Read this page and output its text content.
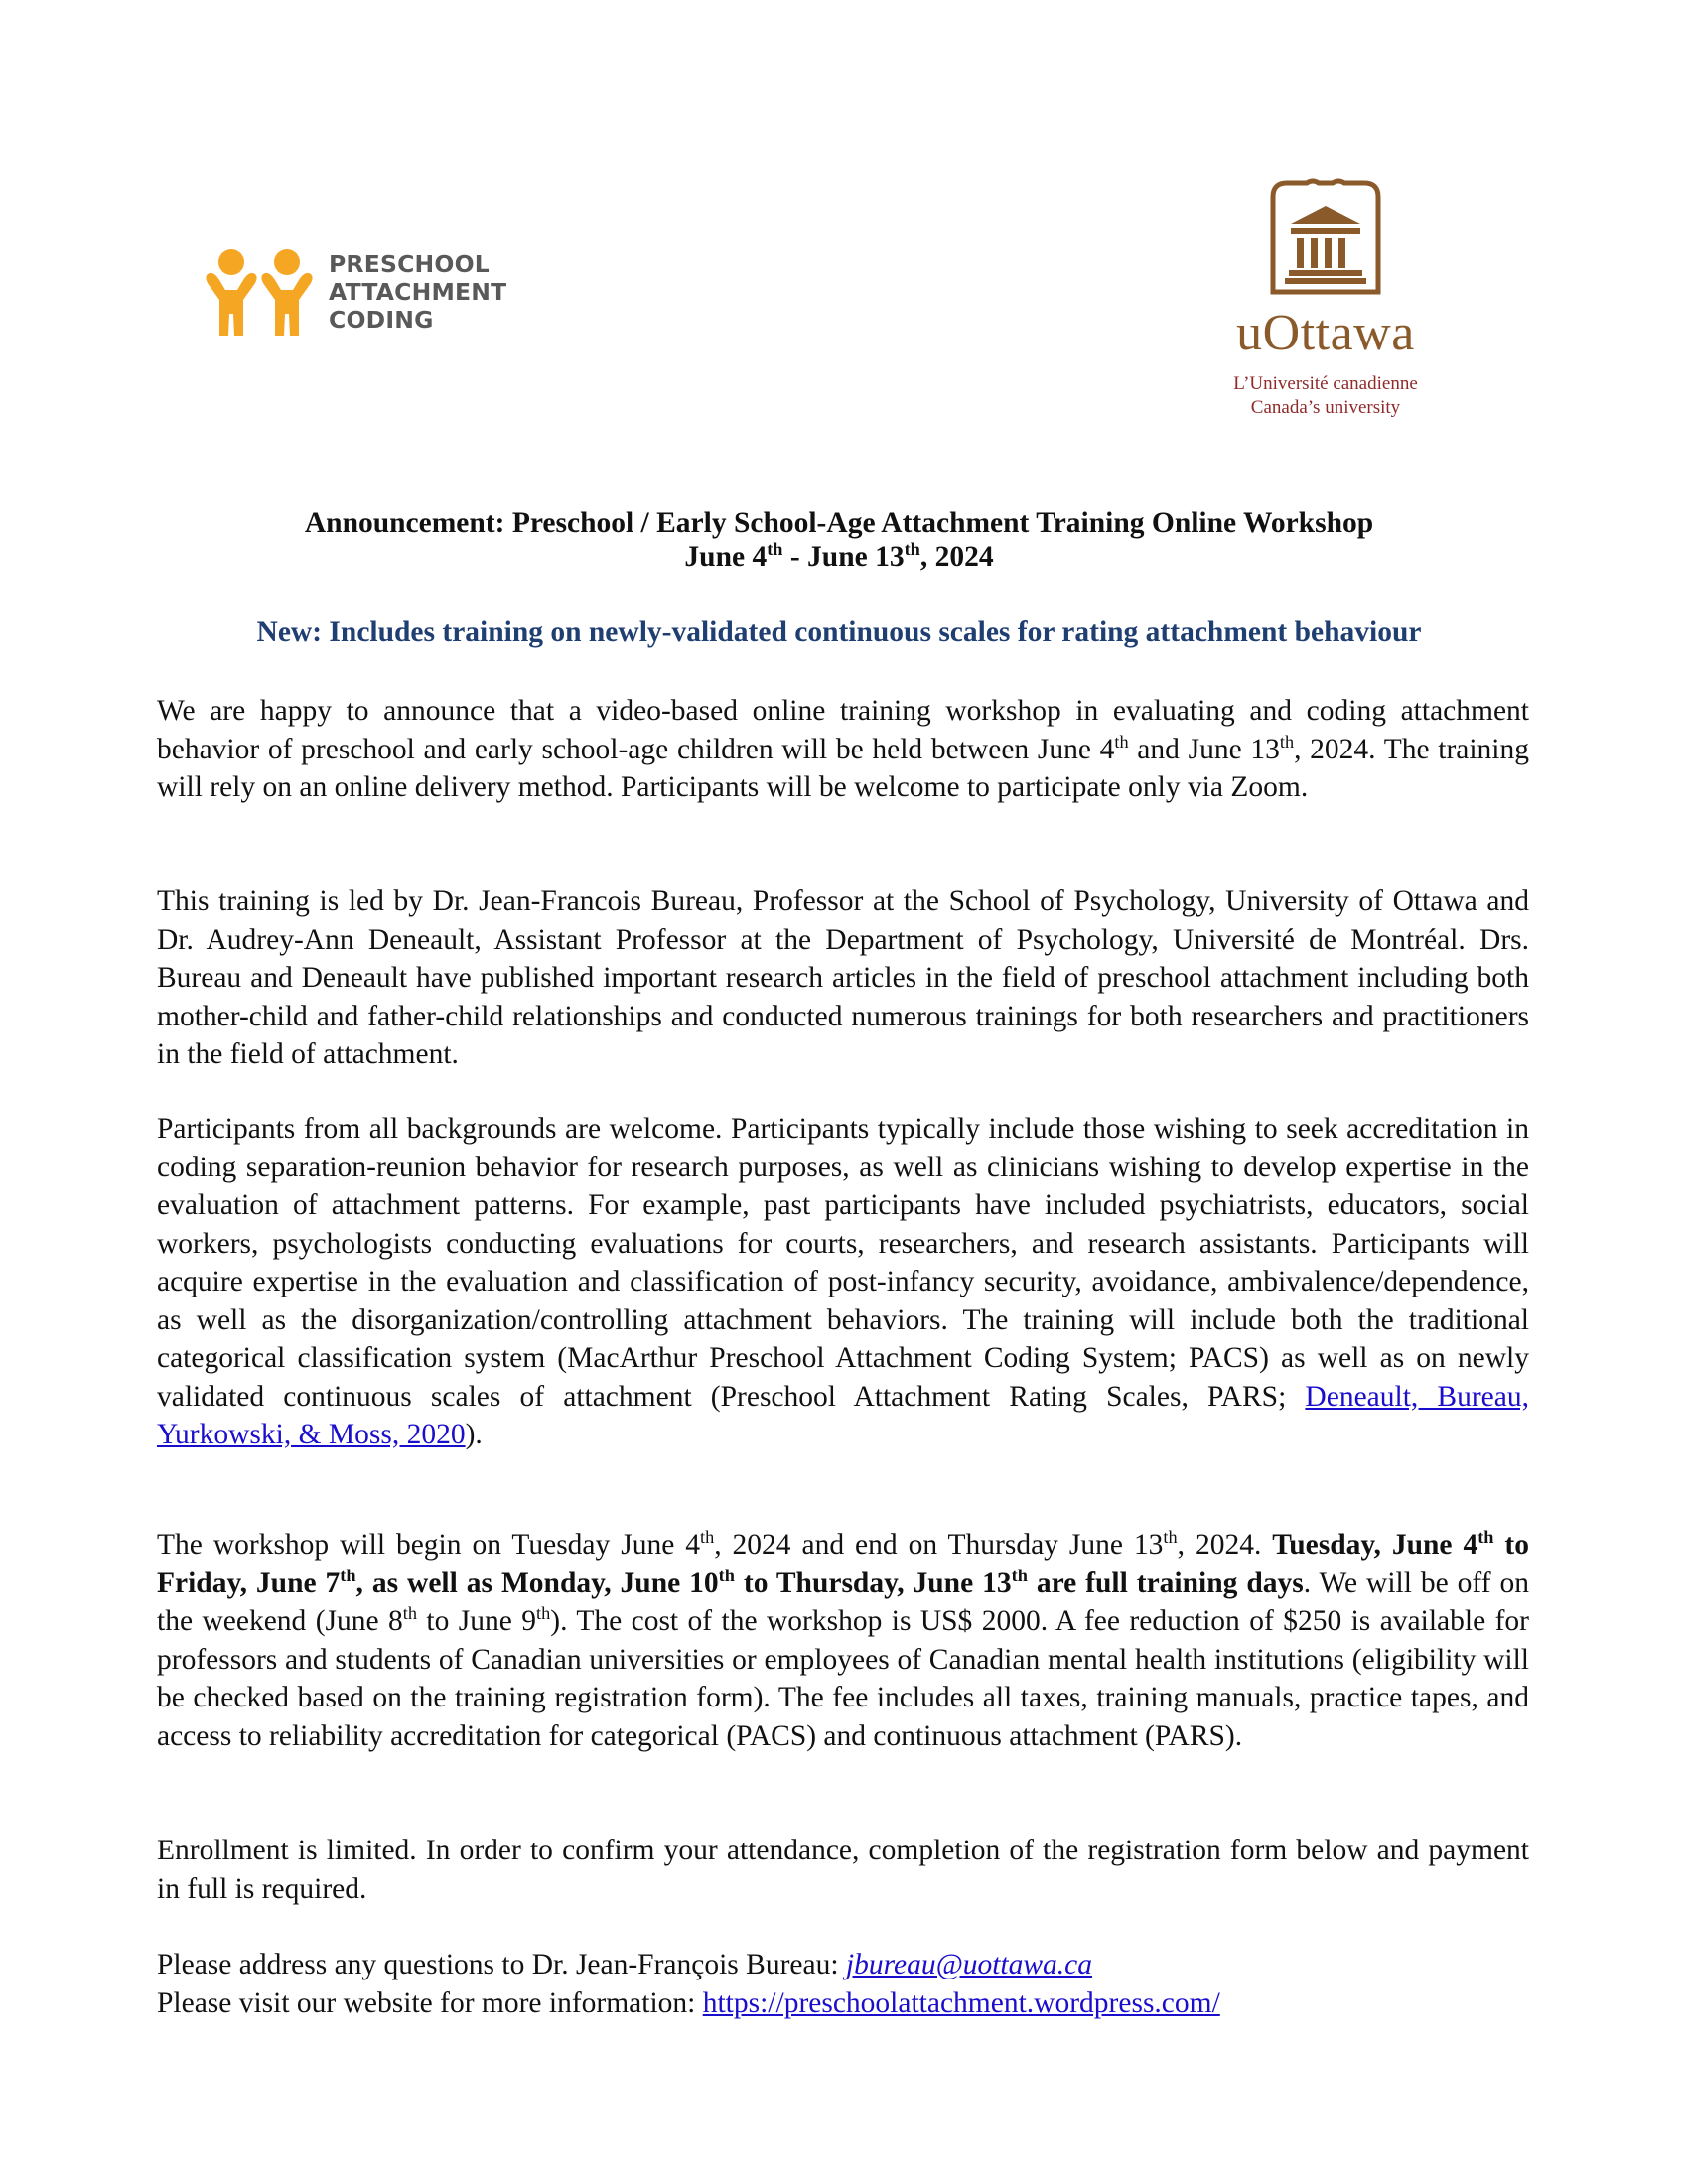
PRESCHOOL
ATTACHMENT
CODING	uOttawa
L’Université canadienne
Canada’s university
Announcement: Preschool / Early School-Age Attachment Training Online Workshop
June 4th - June 13th, 2024
New: Includes training on newly-validated continuous scales for rating attachment behaviour

We are happy to announce that a video-based online training workshop in evaluating and coding attachment behavior of preschool and early school-age children will be held between June 4th and June 13th, 2024. The training will rely on an online delivery method. Participants will be welcome to participate only via Zoom.

This training is led by Dr. Jean-Francois Bureau, Professor at the School of Psychology, University of Ottawa and Dr. Audrey-Ann Deneault, Assistant Professor at the Department of Psychology, Université de Montréal. Drs. Bureau and Deneault have published important research articles in the field of preschool attachment including both mother-child and father-child relationships and conducted numerous trainings for both researchers and practitioners in the field of attachment.

Participants from all backgrounds are welcome. Participants typically include those wishing to seek accreditation in coding separation-reunion behavior for research purposes, as well as clinicians wishing to develop expertise in the evaluation of attachment patterns. For example, past participants have included psychiatrists, educators, social workers, psychologists conducting evaluations for courts, researchers, and research assistants. Participants will acquire expertise in the evaluation and classification of post-infancy security, avoidance, ambivalence/dependence, as well as the disorganization/controlling attachment behaviors. The training will include both the traditional categorical classification system (MacArthur Preschool Attachment Coding System; PACS) as well as on newly validated continuous scales of attachment (Preschool Attachment Rating Scales, PARS; Deneault, Bureau, Yurkowski, & Moss, 2020).

The workshop will begin on Tuesday June 4th, 2024 and end on Thursday June 13th, 2024. Tuesday, June 4th to Friday, June 7th, as well as Monday, June 10th to Thursday, June 13th are full training days. We will be off on the weekend (June 8th to June 9th). The cost of the workshop is US$ 2000. A fee reduction of $250 is available for professors and students of Canadian universities or employees of Canadian mental health institutions (eligibility will be checked based on the training registration form). The fee includes all taxes, training manuals, practice tapes, and access to reliability accreditation for categorical (PACS) and continuous attachment (PARS).

Enrollment is limited. In order to confirm your attendance, completion of the registration form below and payment in full is required.

Please address any questions to Dr. Jean-François Bureau: jbureau@uottawa.ca
Please visit our website for more information: https://preschoolattachment.wordpress.com/
